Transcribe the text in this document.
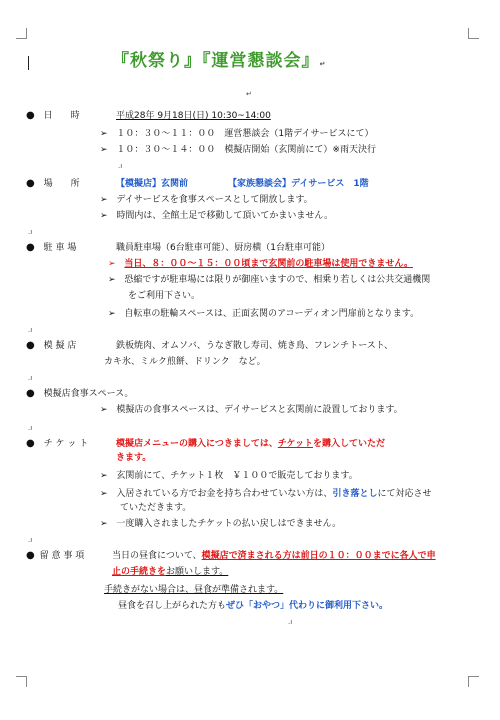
『秋祭り』『運営懇談会』↵
↵
● 日　　時	平成28年 9月18日(日) 10:30~14:00
➢ １０：３０～１１：００　運営懇談会（1階デイサービスにて）
➢ １０：３０～１４：００　模擬店開始（玄関前にて）※雨天決行
● 場　　所	【模擬店】玄関前	【家族懇談会】デイサービス　1階
➢ デイサービスを食事スペースとして開放します。
➢ 時間内は、全館土足で移動して頂いてかまいません。
● 駐 車 場	職員駐車場（6台駐車可能）、厨房横（1台駐車可能）
➢ 当日、８：００～１５：００頃まで玄関前の駐車場は使用できません。
➢ 恐縮ですが駐車場には限りが御座いますので、相乗り若しくは公共交通機関
をご利用下さい。
➢ 自転車の駐輪スペースは、正面玄関のアコーディオン門扉前となります。
● 模 擬 店	鉄板焼肉、オムソバ、うなぎ散し寿司、焼き鳥、フレンチトースト、
カキ氷、ミルク煎餅、ドリンク　など。
● 模擬店食事スペース。
➢ 模擬店の食事スペースは、デイサービスと玄関前に設置しております。
● チ ケ ッ ト	模擬店メニューの購入につきましては、チケットを購入していただ
きます。
➢ 玄関前にて、チケット１枚　￥１００で販売しております。
➢ 入居されている方でお金を持ち合わせていない方は、引き落としにて対応させ
ていただきます。
➢ 一度購入されましたチケットの払い戻しはできません。
● 留 意 事 項	当日の昼食について、模擬店で済まされる方は前日の１０：００までに各人で申
止の手続きをお願いします。
手続きがない場合は、昼食が準備されます。
昼食を召し上がられた方もぜひ「おやつ」代わりに御利用下さい。
.ı
.ı
.ı
.ı
.ı
.ı
.ı
